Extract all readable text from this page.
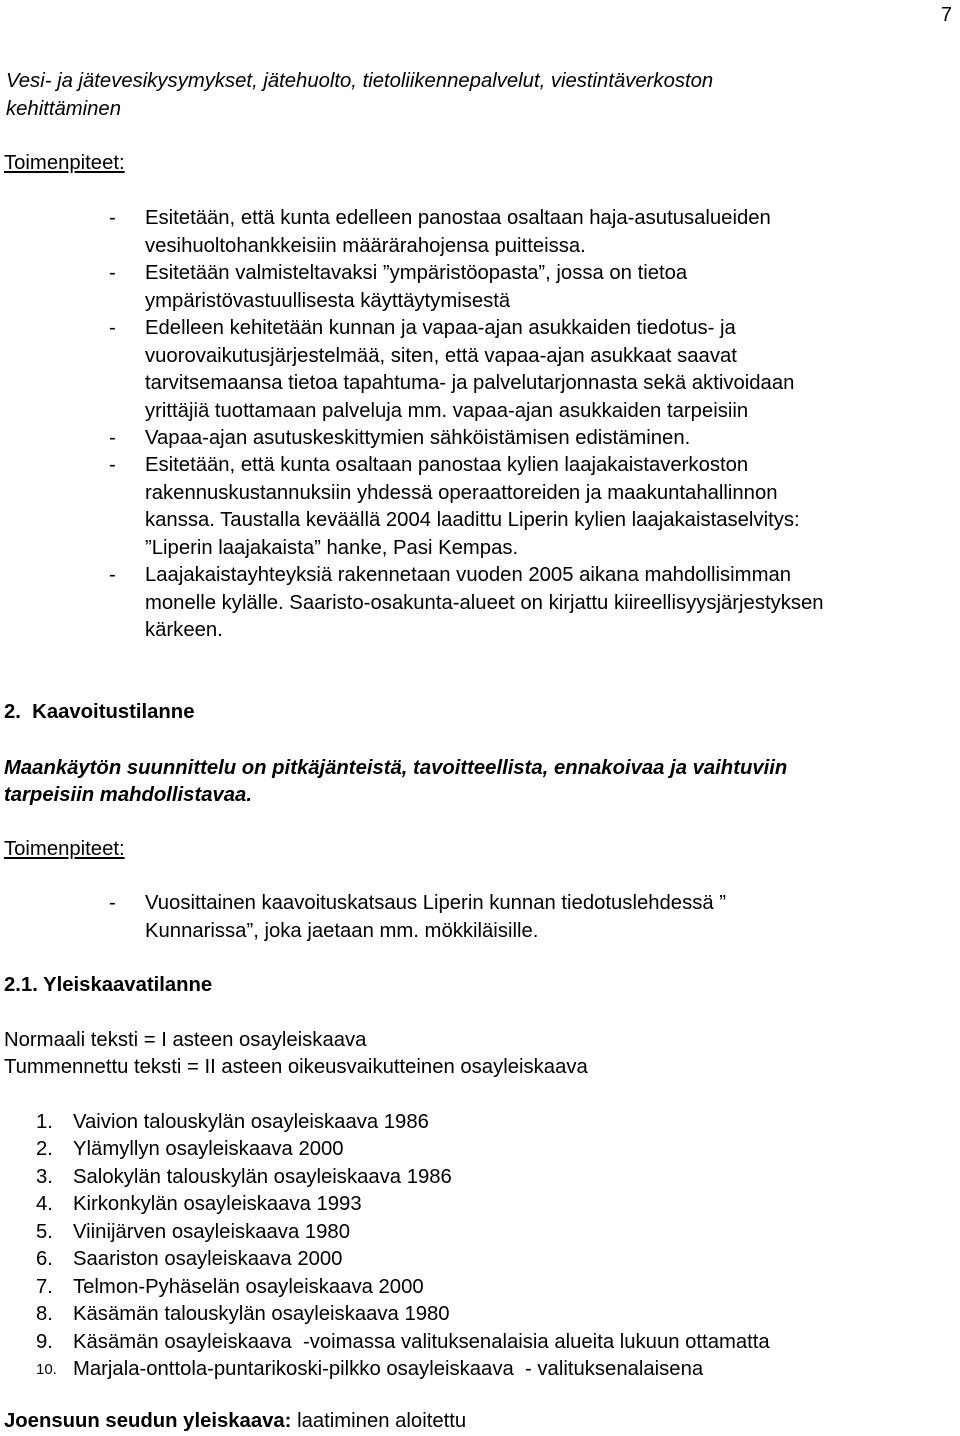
7
Vesi- ja jätevesikysymykset, jätehuolto, tietoliikennepalvelut, viestintäverkoston
kehittäminen
Toimenpiteet:
- Esitetään, että kunta edelleen panostaa osaltaan haja-asutusalueiden
vesihuoltohankkeisiin määrärahojensa puitteissa.
- Esitetään valmisteltavaksi ”ympäristöopasta”, jossa on tietoa
ympäristövastuullisesta käyttäytymisestä
- Edelleen kehitetään kunnan ja vapaa-ajan asukkaiden tiedotus- ja
vuorovaikutusjärjestelmää, siten, että vapaa-ajan asukkaat saavat
tarvitsemaansa tietoa tapahtuma- ja palvelutarjonnasta sekä aktivoidaan
yrittäjiä tuottamaan palveluja mm. vapaa-ajan asukkaiden tarpeisiin
- Vapaa-ajan asutuskeskittymien sähköistämisen edistäminen.
- Esitetään, että kunta osaltaan panostaa kylien laajakaistaverkoston
rakennuskustannuksiin yhdessä operaattoreiden ja maakuntahallinnon
kanssa. Taustalla keväällä 2004 laadittu Liperin kylien laajakaistaselvitys:
”Liperin laajakaista” hanke, Pasi Kempas.
- Laajakaistayhteyksiä rakennetaan vuoden 2005 aikana mahdollisimman
monelle kylälle. Saaristo-osakunta-alueet on kirjattu kiireellisyysjärjestyksen
kärkeen.
2.  Kaavoitustilanne
Maankäytön suunnittelu on pitkäjänteistä, tavoitteellista, ennakoivaa ja vaihtuviin
tarpeisiin mahdollistavaa.
Toimenpiteet:
- Vuosittainen kaavoituskatsaus Liperin kunnan tiedotuslehdessä ”
Kunnarissa”, joka jaetaan mm. mökkiläisille.
2.1. Yleiskaavatilanne
Normaali teksti = I asteen osayleiskaava
Tummennettu teksti = II asteen oikeusvaikutteinen osayleiskaava
1. Vaivion talouskylän osayleiskaava 1986
2. Ylämyllyn osayleiskaava 2000
3. Salokylän talouskylän osayleiskaava 1986
4. Kirkonkylän osayleiskaava 1993
5. Viinijärven osayleiskaava 1980
6. Saariston osayleiskaava 2000
7. Telmon-Pyhäselän osayleiskaava 2000
8. Käsämän talouskylän osayleiskaava 1980
9. Käsämän osayleiskaava  -voimassa valituksenalaisia alueita lukuun ottamatta
10. Marjala-onttola-puntarikoski-pilkko osayleiskaava  - valituksenalaisena
Joensuun seudun yleiskaava: laatiminen aloitettu
